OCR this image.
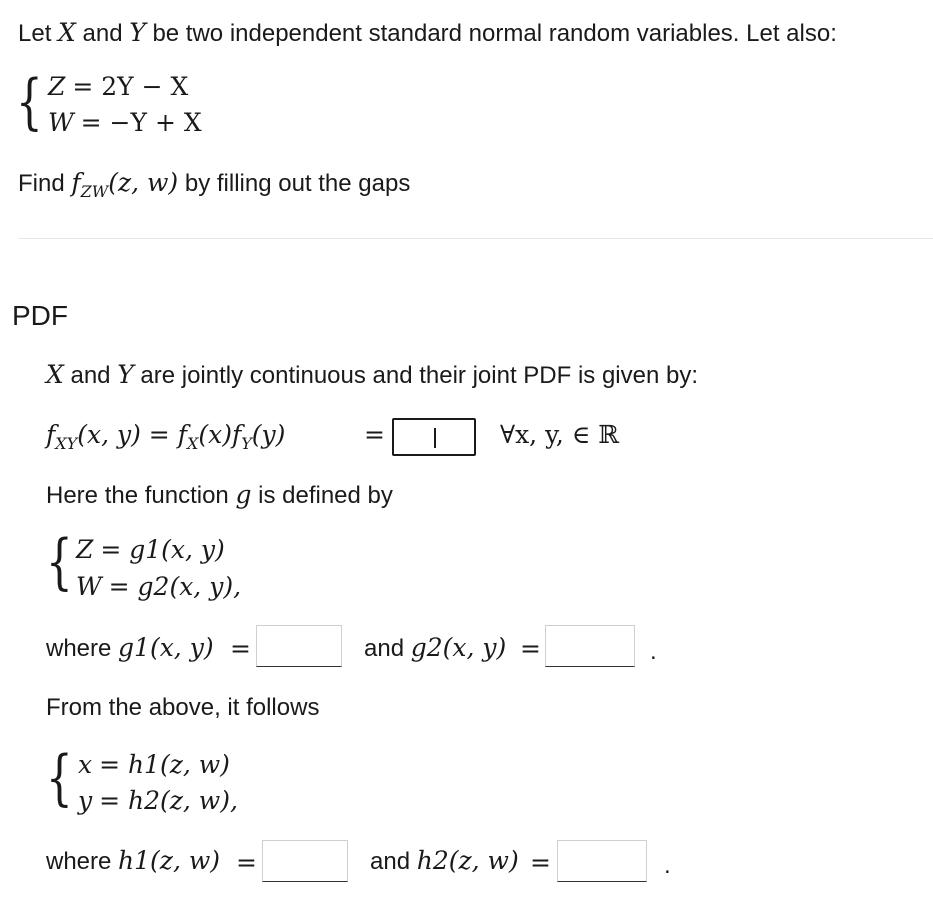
Let X and Y be two independent standard normal random variables. Let also:
{ Z = 2Y − X
W = −Y + X
Find $f_{ZW}(z$, w) by filling out the gaps
PDF
X and Y are jointly continuous and their joint PDF is given by:
$f_{XY}(x$, $y) = f_X(x)f_Y(y)$	=	∀x, y, ∈ ℝ
Here the function g is defined by
{ Z = g1(x, y)
W = g2(x, y),
where g1(x, y) =	and g2(x, y) =	.
From the above, it follows
{ x = h1(z, w)
y = h2(z, w),
where h1(z, w) =	and h2(z, w) =	.
